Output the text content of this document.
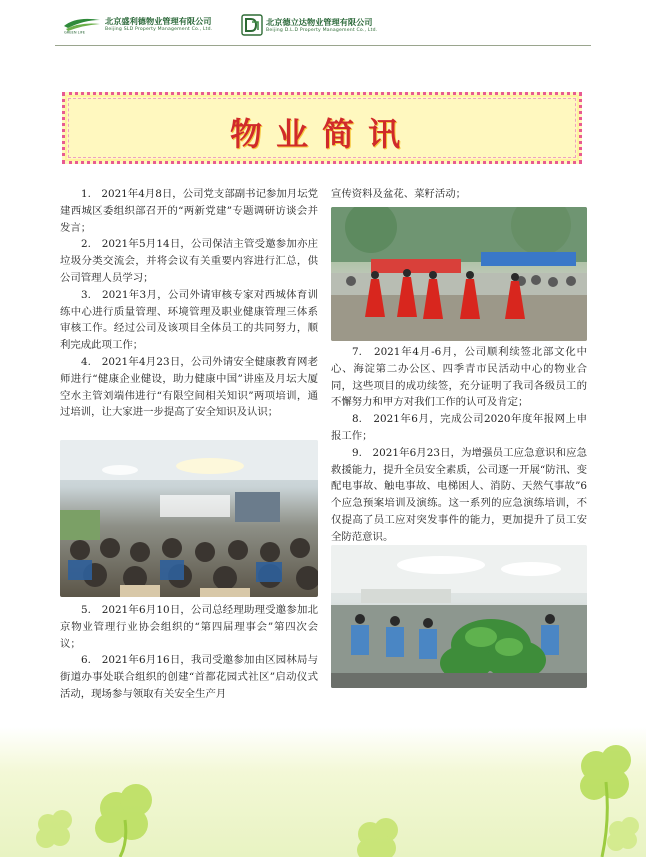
GREEN LIFE
北京盛利德物业管理有限公司
Beijing SLD Property Management Co., Ltd.
北京德立达物业管理有限公司
Beijing D.L.D Property Management Co., Ltd.
物业简讯

1.　2021年4月8日，公司党支部副书记参加月坛党建西城区委组织部召开的“两新党建”专题调研访谈会并发言；

2.　2021年5月14日，公司保洁主管受邀参加亦庄垃圾分类交流会，并将会议有关重要内容进行汇总，供公司管理人员学习；

3.　2021年3月，公司外请审核专家对西城体育训练中心进行质量管理、环境管理及职业健康管理三体系审核工作。经过公司及该项目全体员工的共同努力，顺利完成此项工作；

4.　2021年4月23日，公司外请安全健康教育网老师进行“健康企业健设，助力健康中国”讲座及月坛大厦空水主管刘端伟进行“有限空间相关知识”两项培训，通过培训，让大家进一步提高了安全知识及认识；

5.　2021年6月10日，公司总经理助理受邀参加北京物业管理行业协会组织的“第四届理事会”第四次会议；

6.　2021年6月16日，我司受邀参加由区园林局与街道办事处联合组织的创建“首都花园式社区”启动仪式活动，现场参与领取有关安全生产月

宣传资料及盆花、菜籽活动；

7.　2021年4月-6月，公司顺利续签北部文化中心、海淀第二办公区、四季青市民活动中心的物业合同，这些项目的成功续签，充分证明了我司各级员工的不懈努力和甲方对我们工作的认可及肯定；

8.　2021年6月，完成公司2020年度年报网上申报工作；

9.　2021年6月23日，为增强员工应急意识和应急救援能力，提升全员安全素质，公司逐一开展“防汛、变配电事故、触电事故、电梯困人、消防、天然气事故”6个应急预案培训及演练。这一系列的应急演练培训，不仅提高了员工应对突发事件的能力，更加提升了员工安全防范意识。
